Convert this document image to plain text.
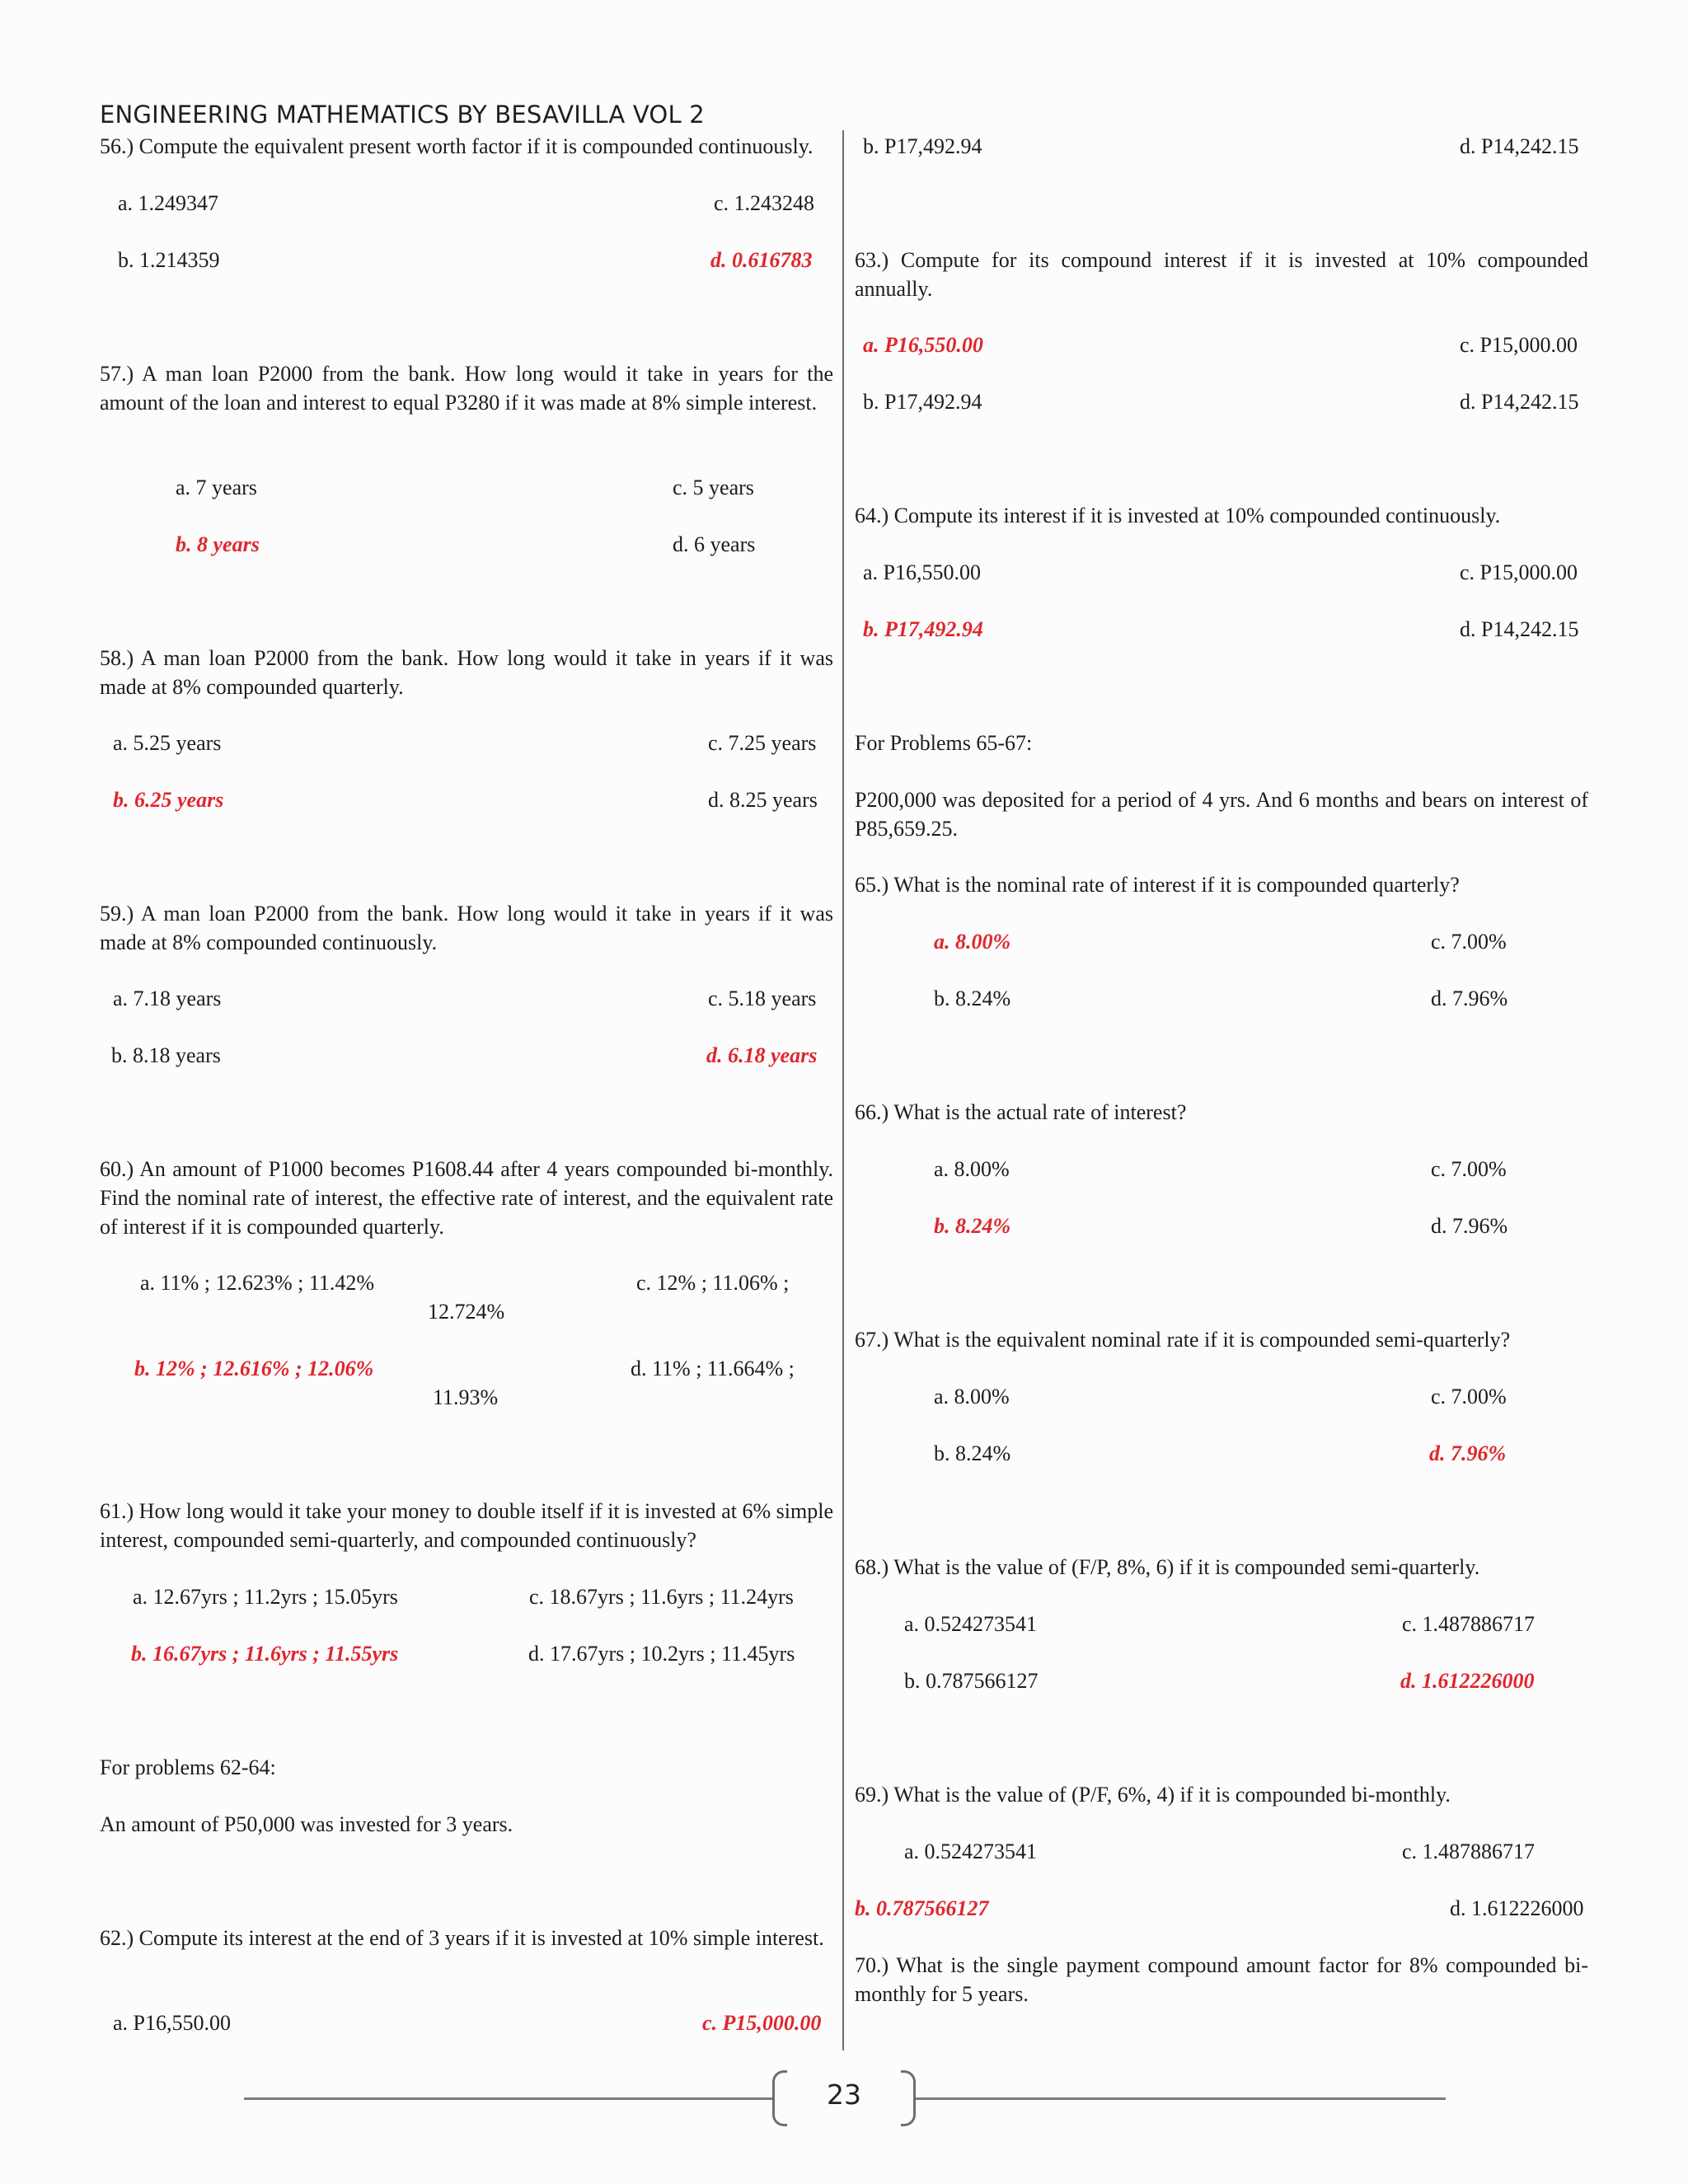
ENGINEERING MATHEMATICS BY BESAVILLA VOL 2
56.) Compute the equivalent present worth factor if it is compounded continuously.
a. 1.249347	c. 1.243248
b. 1.214359	d. 0.616783
57.) A man loan P2000 from the bank. How long would it take in years for the amount of the loan and interest to equal P3280 if it was made at 8% simple interest.
a. 7 years	c. 5 years
b. 8 years	d. 6 years
58.) A man loan P2000 from the bank. How long would it take in years if it was made at 8% compounded quarterly.
a. 5.25 years	c. 7.25 years
b. 6.25 years	d. 8.25 years
59.) A man loan P2000 from the bank. How long would it take in years if it was made at 8% compounded continuously.
a. 7.18 years	c. 5.18 years
b. 8.18 years	d. 6.18 years
60.) An amount of P1000 becomes P1608.44 after 4 years compounded bi-monthly. Find the nominal rate of interest, the effective rate of interest, and the equivalent rate of interest if it is compounded quarterly.
a. 11% ; 12.623% ; 11.42%	c. 12% ; 11.06% ;
12.724%
b. 12% ; 12.616% ; 12.06%	d. 11% ; 11.664% ;
11.93%
61.) How long would it take your money to double itself if it is invested at 6% simple interest, compounded semi-quarterly, and compounded continuously?
a. 12.67yrs ; 11.2yrs ; 15.05yrs	c. 18.67yrs ; 11.6yrs ; 11.24yrs
b. 16.67yrs ; 11.6yrs ; 11.55yrs	d. 17.67yrs ; 10.2yrs ; 11.45yrs
For problems 62-64:
An amount of P50,000 was invested for 3 years.
62.) Compute its interest at the end of 3 years if it is invested at 10% simple interest.
a. P16,550.00	c. P15,000.00
b. P17,492.94	d. P14,242.15
63.) Compute for its compound interest if it is invested at 10% compounded annually.
a. P16,550.00	c. P15,000.00
b. P17,492.94	d. P14,242.15
64.) Compute its interest if it is invested at 10% compounded continuously.
a. P16,550.00	c. P15,000.00
b. P17,492.94	d. P14,242.15
For Problems 65-67:
P200,000 was deposited for a period of 4 yrs. And 6 months and bears on interest of P85,659.25.
65.) What is the nominal rate of interest if it is compounded quarterly?
a. 8.00%	c. 7.00%
b. 8.24%	d. 7.96%
66.) What is the actual rate of interest?
a. 8.00%	c. 7.00%
b. 8.24%	d. 7.96%
67.) What is the equivalent nominal rate if it is compounded semi-quarterly?
a. 8.00%	c. 7.00%
b. 8.24%	d. 7.96%
68.) What is the value of (F/P, 8%, 6) if it is compounded semi-quarterly.
a. 0.524273541	c. 1.487886717
b. 0.787566127	d. 1.612226000
69.) What is the value of (P/F, 6%, 4) if it is compounded bi-monthly.
a. 0.524273541	c. 1.487886717
b. 0.787566127	d. 1.612226000
70.) What is the single payment compound amount factor for 8% compounded bi-monthly for 5 years.
23
